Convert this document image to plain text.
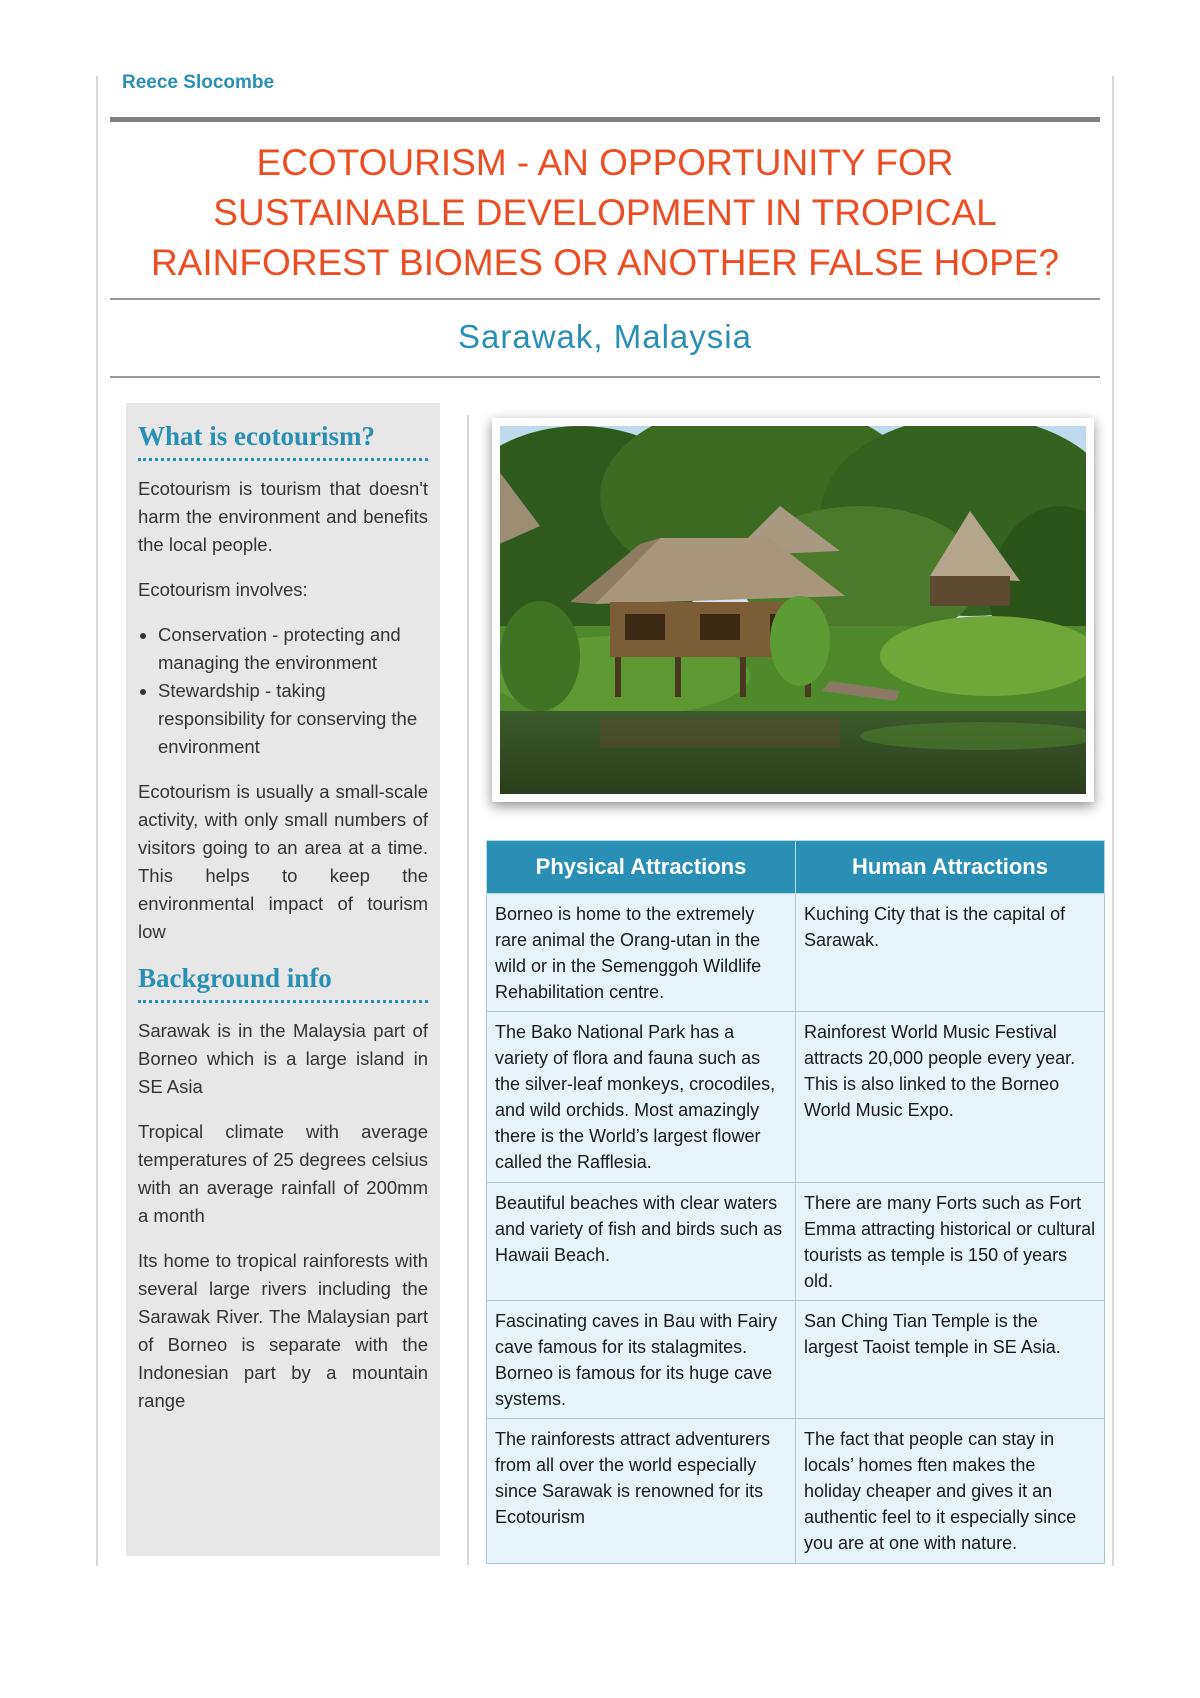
Reece Slocombe
ECOTOURISM - AN OPPORTUNITY FOR
SUSTAINABLE DEVELOPMENT IN TROPICAL
RAINFOREST BIOMES OR ANOTHER FALSE HOPE?
Sarawak, Malaysia
What is ecotourism?

Ecotourism is tourism that doesn't harm the environment and benefits the local people.

Ecotourism involves:

• Conservation - protecting and managing the environment
• Stewardship - taking responsibility for conserving the environment

Ecotourism is usually a small-scale activity, with only small numbers of visitors going to an area at a time. This helps to keep the environmental impact of tourism low

Background info

Sarawak is in the Malaysia part of Borneo which is a large island in SE Asia

Tropical climate with average temperatures of 25 degrees celsius with an average rainfall of 200mm a month

Its home to tropical rainforests with several large rivers including the Sarawak River. The Malaysian part of Borneo is separate with the Indonesian part by a mountain range

Physical Attractions	Human Attractions
Borneo is home to the extremely rare animal the Orang-utan in the wild or in the Semenggoh Wildlife Rehabilitation centre.	Kuching City that is the capital of Sarawak.
The Bako National Park has a variety of flora and fauna such as the silver-leaf monkeys, crocodiles, and wild orchids. Most amazingly there is the World’s largest flower called the Rafflesia.	Rainforest World Music Festival attracts 20,000 people every year. This is also linked to the Borneo World Music Expo.
Beautiful beaches with clear waters and variety of fish and birds such as Hawaii Beach.	There are many Forts such as Fort Emma attracting historical or cultural tourists as temple is 150 of years old.
Fascinating caves in Bau with Fairy cave famous for its stalagmites. Borneo is famous for its huge cave systems.	San Ching Tian Temple is the largest Taoist temple in SE Asia.
The rainforests attract adventurers from all over the world especially since Sarawak is renowned for its Ecotourism	The fact that people can stay in locals’ homes ften makes the holiday cheaper and gives it an authentic feel to it especially since you are at one with nature.
